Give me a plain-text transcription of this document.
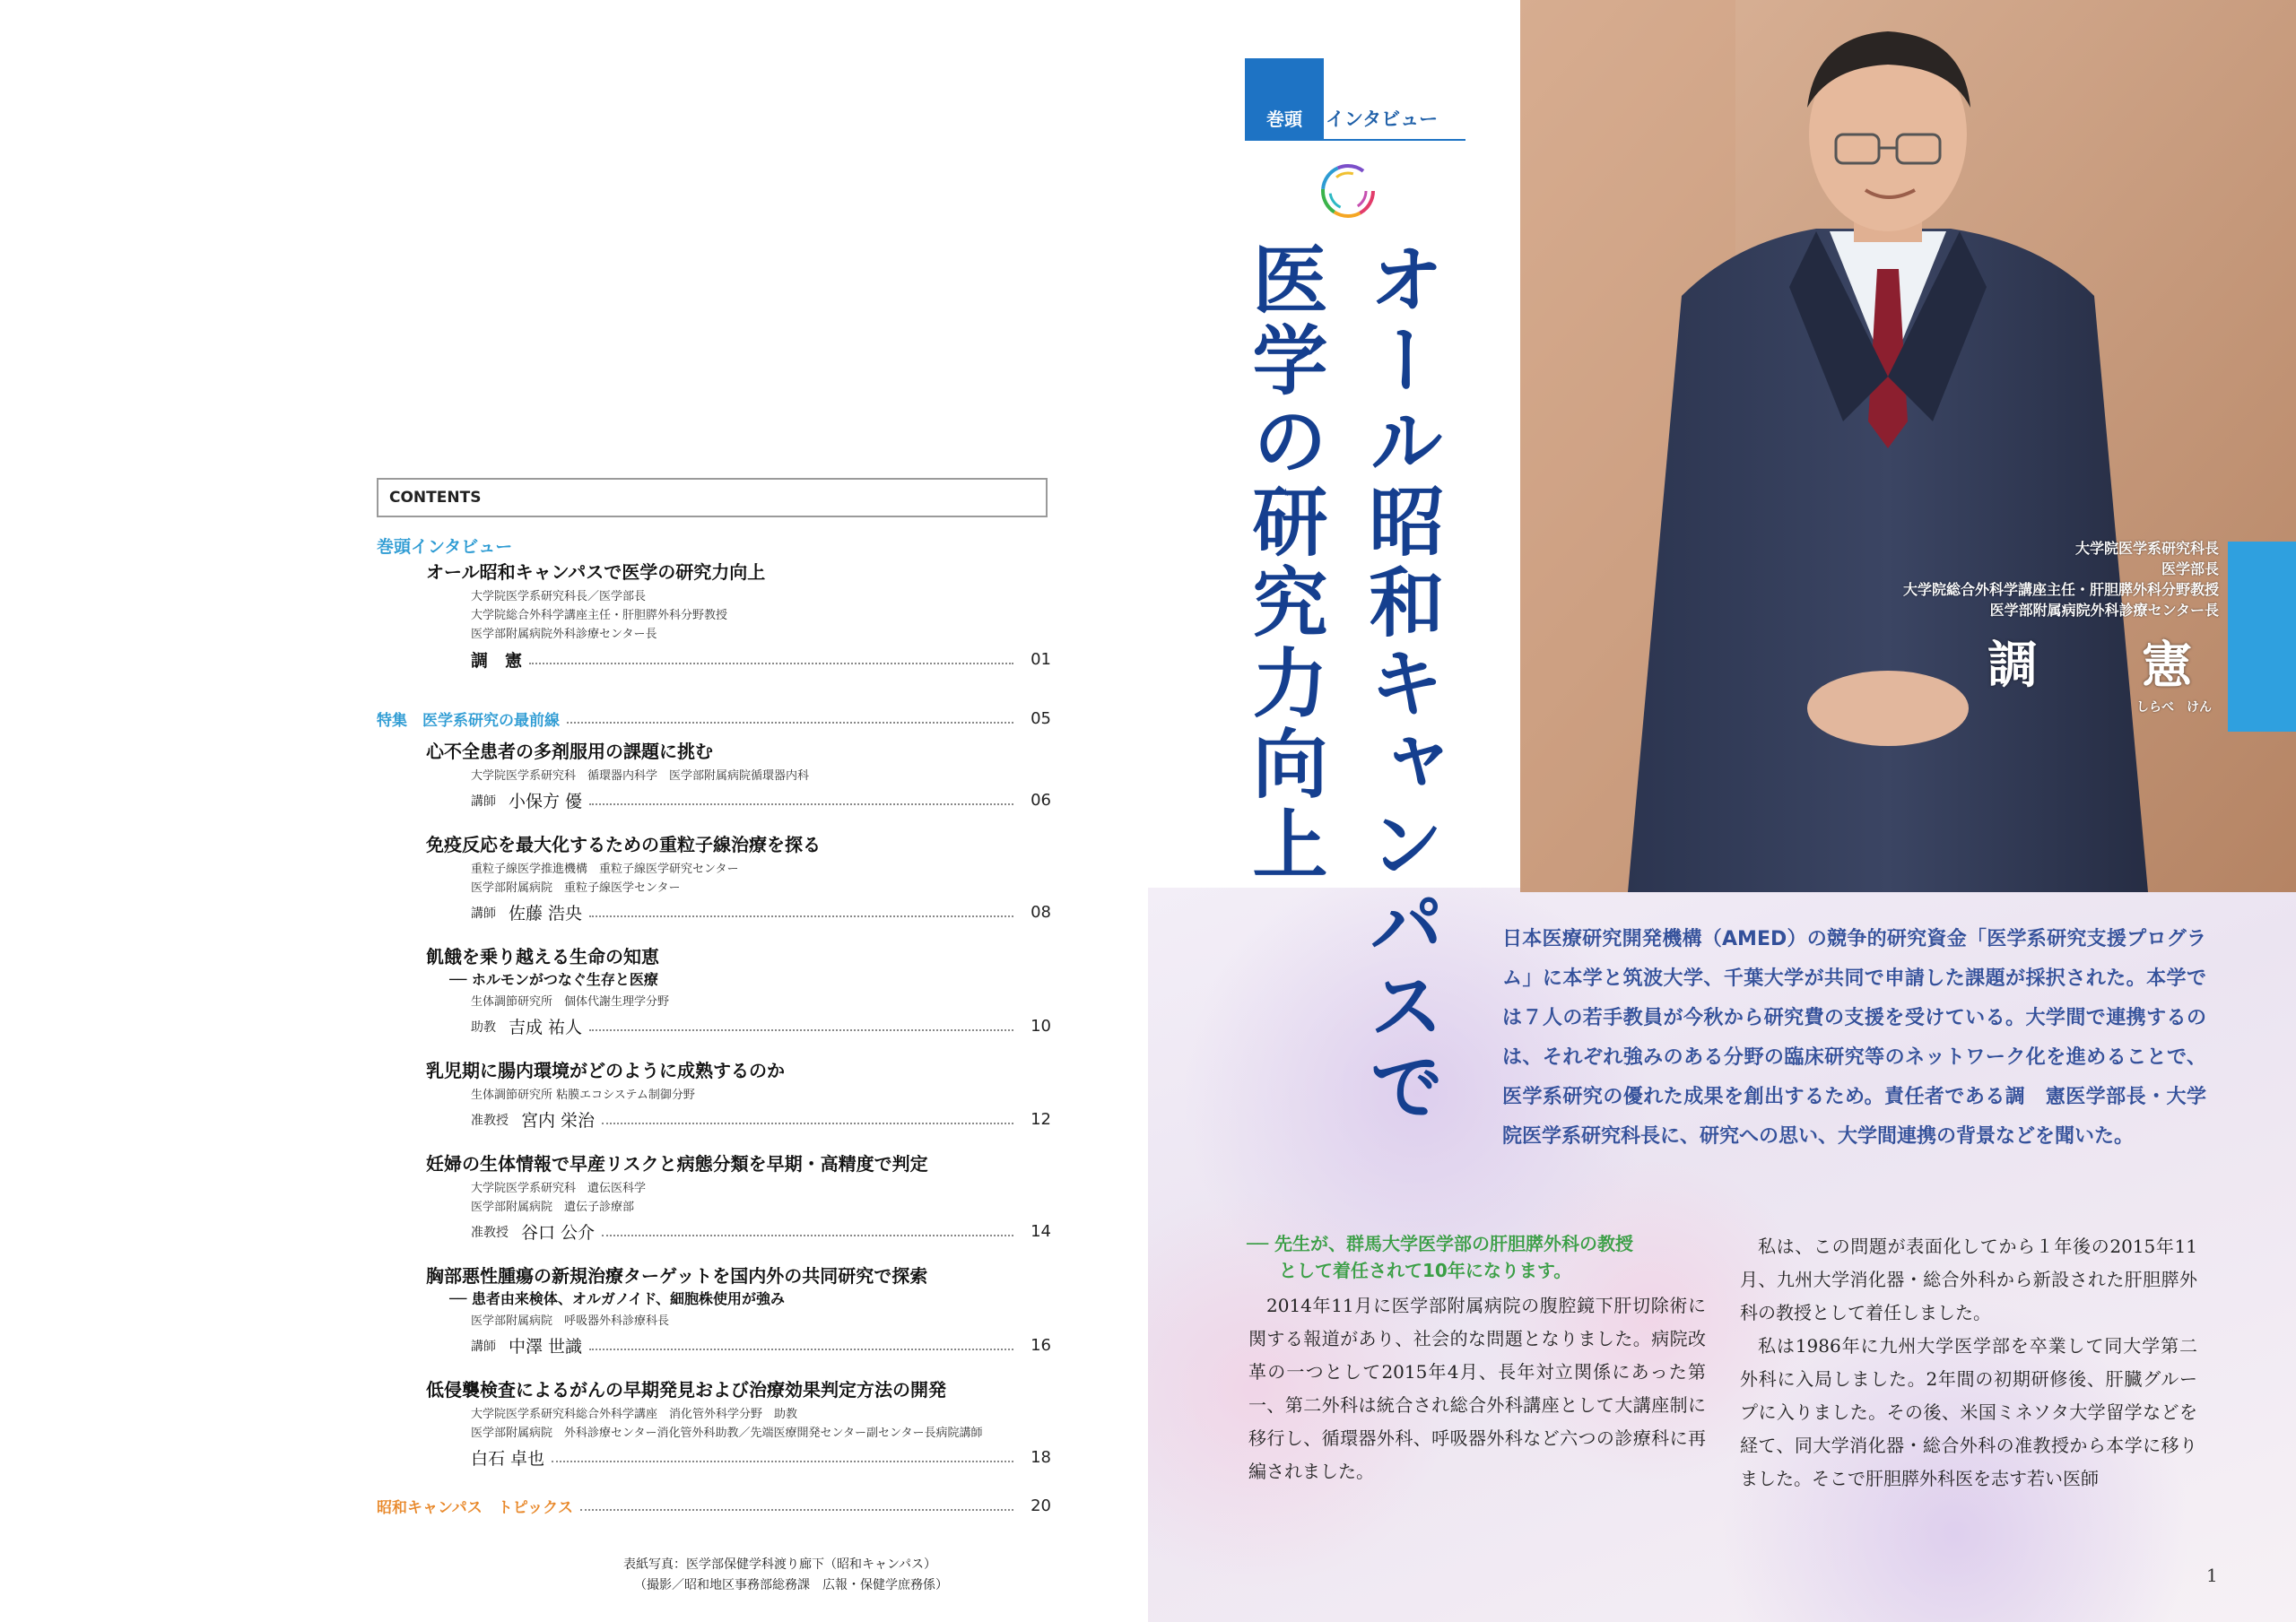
CONTENTS
巻頭インタビュー
オール昭和キャンパスで医学の研究力向上
大学院医学系研究科長／医学部長
大学院総合外科学講座主任・肝胆膵外科分野教授
医学部附属病院外科診療センター長
調　憲	01
特集　医学系研究の最前線	05
心不全患者の多剤服用の課題に挑む
大学院医学系研究科　循環器内科学　医学部附属病院循環器内科
講師 小保方 優	06
免疫反応を最大化するための重粒子線治療を探る
重粒子線医学推進機構　重粒子線医学研究センター
医学部附属病院　重粒子線医学センター
講師 佐藤 浩央	08
飢餓を乗り越える生命の知恵
── ホルモンがつなぐ生存と医療
生体調節研究所　個体代謝生理学分野
助教 吉成 祐人	10
乳児期に腸内環境がどのように成熟するのか
生体調節研究所 粘膜エコシステム制御分野
准教授 宮内 栄治	12
妊婦の生体情報で早産リスクと病態分類を早期・高精度で判定
大学院医学系研究科　遺伝医科学
医学部附属病院　遺伝子診療部
准教授 谷口 公介	14
胸部悪性腫瘍の新規治療ターゲットを国内外の共同研究で探索
── 患者由来検体、オルガノイド、細胞株使用が強み
医学部附属病院　呼吸器外科診療科長
講師 中澤 世識	16
低侵襲検査によるがんの早期発見および治療効果判定方法の開発
大学院医学系研究科総合外科学講座　消化管外科学分野　助教
医学部附属病院　外科診療センター消化管外科助教／先端医療開発センター副センター長病院講師
白石 卓也	18
昭和キャンパス　トピックス	20
表紙写真：医学部保健学科渡り廊下（昭和キャンパス）
（撮影／昭和地区事務部総務課　広報・保健学庶務係）
大学院医学系研究科長
医学部長
大学院総合外科学講座主任・肝胆膵外科分野教授
医学部附属病院外科診療センター長
調　憲
しらべ　けん
巻頭 インタビュー
オール昭和キャンパスで
医学の研究力向上
日本医療研究開発機構（AMED）の競争的研究資金「医学系研究支援プログラム」に本学と筑波大学、千葉大学が共同で申請した課題が採択された。本学では７人の若手教員が今秋から研究費の支援を受けている。大学間で連携するのは、それぞれ強みのある分野の臨床研究等のネットワーク化を進めることで、医学系研究の優れた成果を創出するため。責任者である調　憲医学部長・大学院医学系研究科長に、研究への思い、大学間連携の背景などを聞いた。
── 先生が、群馬大学医学部の肝胆膵外科の教授
として着任されて10年になります。
2014年11月に医学部附属病院の腹腔鏡下肝切除術に関する報道があり、社会的な問題となりました。病院改革の一つとして2015年4月、長年対立関係にあった第一、第二外科は統合され総合外科講座として大講座制に移行し、循環器外科、呼吸器外科など六つの診療科に再編されました。
私は、この問題が表面化してから１年後の2015年11月、九州大学消化器・総合外科から新設された肝胆膵外科の教授として着任しました。
私は1986年に九州大学医学部を卒業して同大学第二外科に入局しました。2年間の初期研修後、肝臓グループに入りました。その後、米国ミネソタ大学留学などを経て、同大学消化器・総合外科の准教授から本学に移りました。そこで肝胆膵外科医を志す若い医師
1
